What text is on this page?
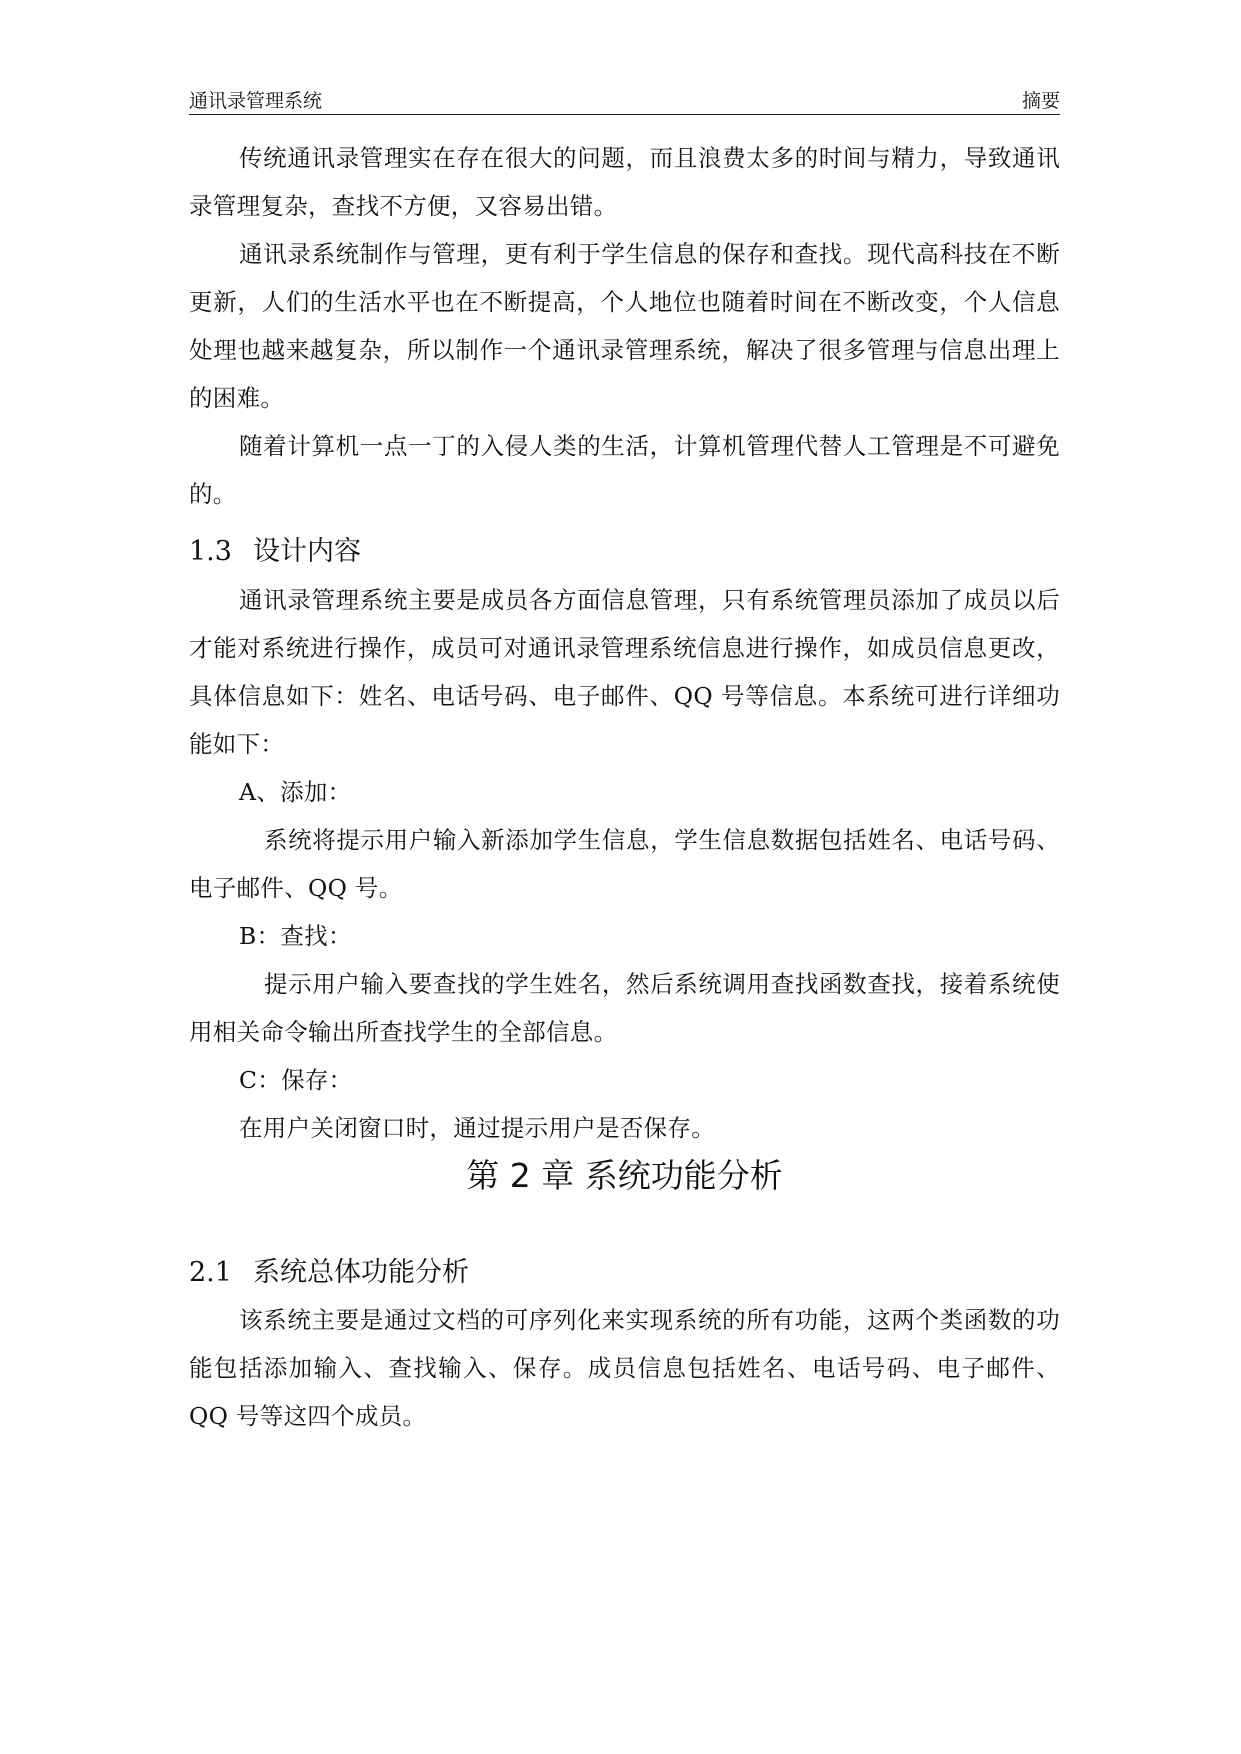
通讯录管理系统	摘要

传统通讯录管理实在存在很大的问题，而且浪费太多的时间与精力，导致通讯录管理复杂，查找不方便，又容易出错。

通讯录系统制作与管理，更有利于学生信息的保存和查找。现代高科技在不断更新，人们的生活水平也在不断提高，个人地位也随着时间在不断改变，个人信息处理也越来越复杂，所以制作一个通讯录管理系统，解决了很多管理与信息出理上的困难。

随着计算机一点一丁的入侵人类的生活，计算机管理代替人工管理是不可避免的。

1.3 设计内容

通讯录管理系统主要是成员各方面信息管理，只有系统管理员添加了成员以后才能对系统进行操作，成员可对通讯录管理系统信息进行操作，如成员信息更改，具体信息如下：姓名、电话号码、电子邮件、QQ 号等信息。本系统可进行详细功能如下：

A、添加：

系统将提示用户输入新添加学生信息，学生信息数据包括姓名、电话号码、电子邮件、QQ 号。

B：查找：

提示用户输入要查找的学生姓名，然后系统调用查找函数查找，接着系统使用相关命令输出所查找学生的全部信息。

C：保存：

在用户关闭窗口时，通过提示用户是否保存。

第 2 章 系统功能分析
2.1 系统总体功能分析

该系统主要是通过文档的可序列化来实现系统的所有功能，这两个类函数的功能包括添加输入、查找输入、保存。成员信息包括姓名、电话号码、电子邮件、QQ 号等这四个成员。
